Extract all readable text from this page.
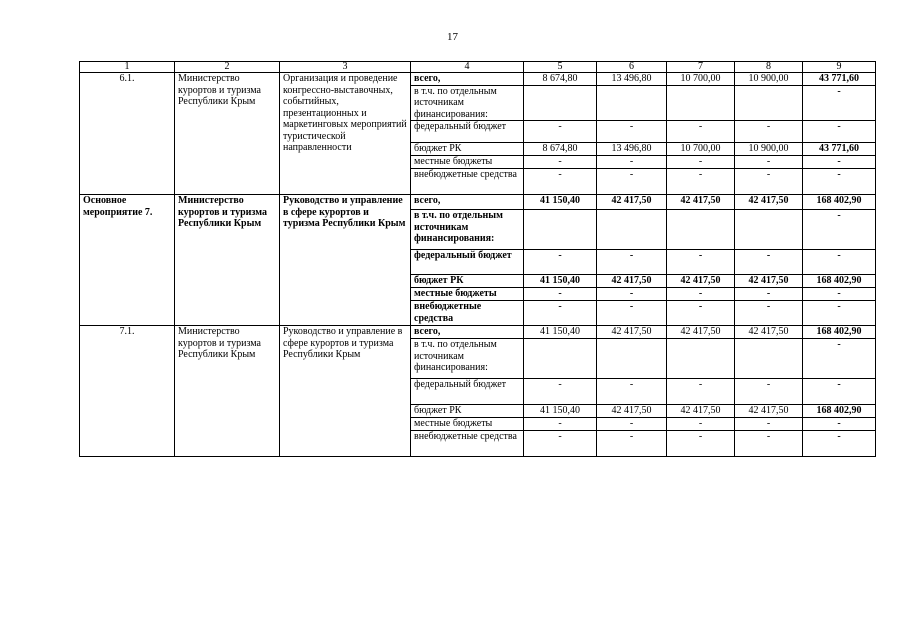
17
1	2	3	4	5	6	7	8	9
6.1.	Министерство курортов и туризма Республики Крым	Организация и проведение конгрессно-выставочных, событийных, презентационных и маркетинговых мероприятий туристической направленности	всего,	8 674,80	13 496,80	10 700,00	10 900,00	43 771,60
			в т.ч. по отдельным источникам финансирования:					-
			федеральный бюджет	-	-	-	-	-
			бюджет РК	8 674,80	13 496,80	10 700,00	10 900,00	43 771,60
			местные бюджеты	-	-	-	-	-
			внебюджетные средства	-	-	-	-	-
Основное мероприятие 7.	Министерство курортов и туризма Республики Крым	Руководство и управление в сфере курортов и туризма Республики Крым	всего,	41 150,40	42 417,50	42 417,50	42 417,50	168 402,90
			в т.ч. по отдельным источникам финансирования:					-
			федеральный бюджет	-	-	-	-	-
			бюджет РК	41 150,40	42 417,50	42 417,50	42 417,50	168 402,90
			местные бюджеты	-	-	-	-	-
			внебюджетные средства	-	-	-	-	-
7.1.	Министерство курортов и туризма Республики Крым	Руководство и управление в сфере курортов и туризма Республики Крым	всего,	41 150,40	42 417,50	42 417,50	42 417,50	168 402,90
			в т.ч. по отдельным источникам финансирования:					-
			федеральный бюджет	-	-	-	-	-
			бюджет РК	41 150,40	42 417,50	42 417,50	42 417,50	168 402,90
			местные бюджеты	-	-	-	-	-
			внебюджетные средства	-	-	-	-	-
